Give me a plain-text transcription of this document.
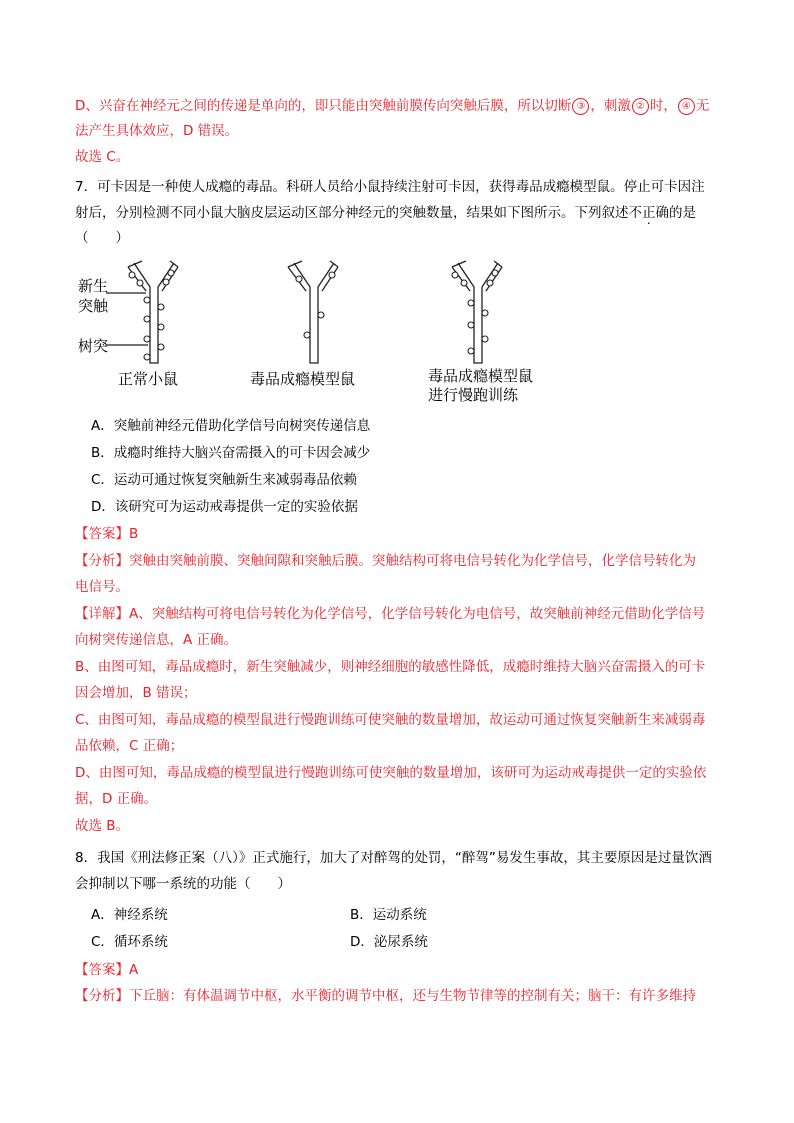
D、兴奋在神经元之间的传递是单向的，即只能由突触前膜传向突触后膜，所以切断 ③ ，刺激 ② 时， ④ 无
法产生具体效应，D 错误。
故选 C。
7．可卡因是一种使人成瘾的毒品。科研人员给小鼠持续注射可卡因，获得毒品成瘾模型鼠。停止可卡因注
射后，分别检测不同小鼠大脑皮层运动区部分神经元的突触数量，结果如下图所示。下列叙述不正确的是
（　　）
新生
突触
树突
正常小鼠	毒品成瘾模型鼠	毒品成瘾模型鼠
进行慢跑训练
A．突触前神经元借助化学信号向树突传递信息
B．成瘾时维持大脑兴奋需摄入的可卡因会减少
C．运动可通过恢复突触新生来减弱毒品依赖
D．该研究可为运动戒毒提供一定的实验依据
【答案】B
【分析】突触由突触前膜、突触间隙和突触后膜。突触结构可将电信号转化为化学信号，化学信号转化为
电信号。
【详解】A、突触结构可将电信号转化为化学信号，化学信号转化为电信号，故突触前神经元借助化学信号
向树突传递信息，A 正确。
B、由图可知，毒品成瘾时，新生突触减少，则神经细胞的敏感性降低，成瘾时维持大脑兴奋需摄入的可卡
因会增加，B 错误；
C、由图可知，毒品成瘾的模型鼠进行慢跑训练可使突触的数量增加，故运动可通过恢复突触新生来减弱毒
品依赖，C 正确；
D、由图可知，毒品成瘾的模型鼠进行慢跑训练可使突触的数量增加，该研可为运动戒毒提供一定的实验依
据，D 正确。
故选 B。
8．我国《刑法修正案（八）》正式施行，加大了对醉驾的处罚，“醉驾”易发生事故，其主要原因是过量饮酒
会抑制以下哪一系统的功能（　　）
A．神经系统	B．运动系统
C．循环系统	D．泌尿系统
【答案】A
【分析】下丘脑：有体温调节中枢，水平衡的调节中枢，还与生物节律等的控制有关；脑干：有许多维持
